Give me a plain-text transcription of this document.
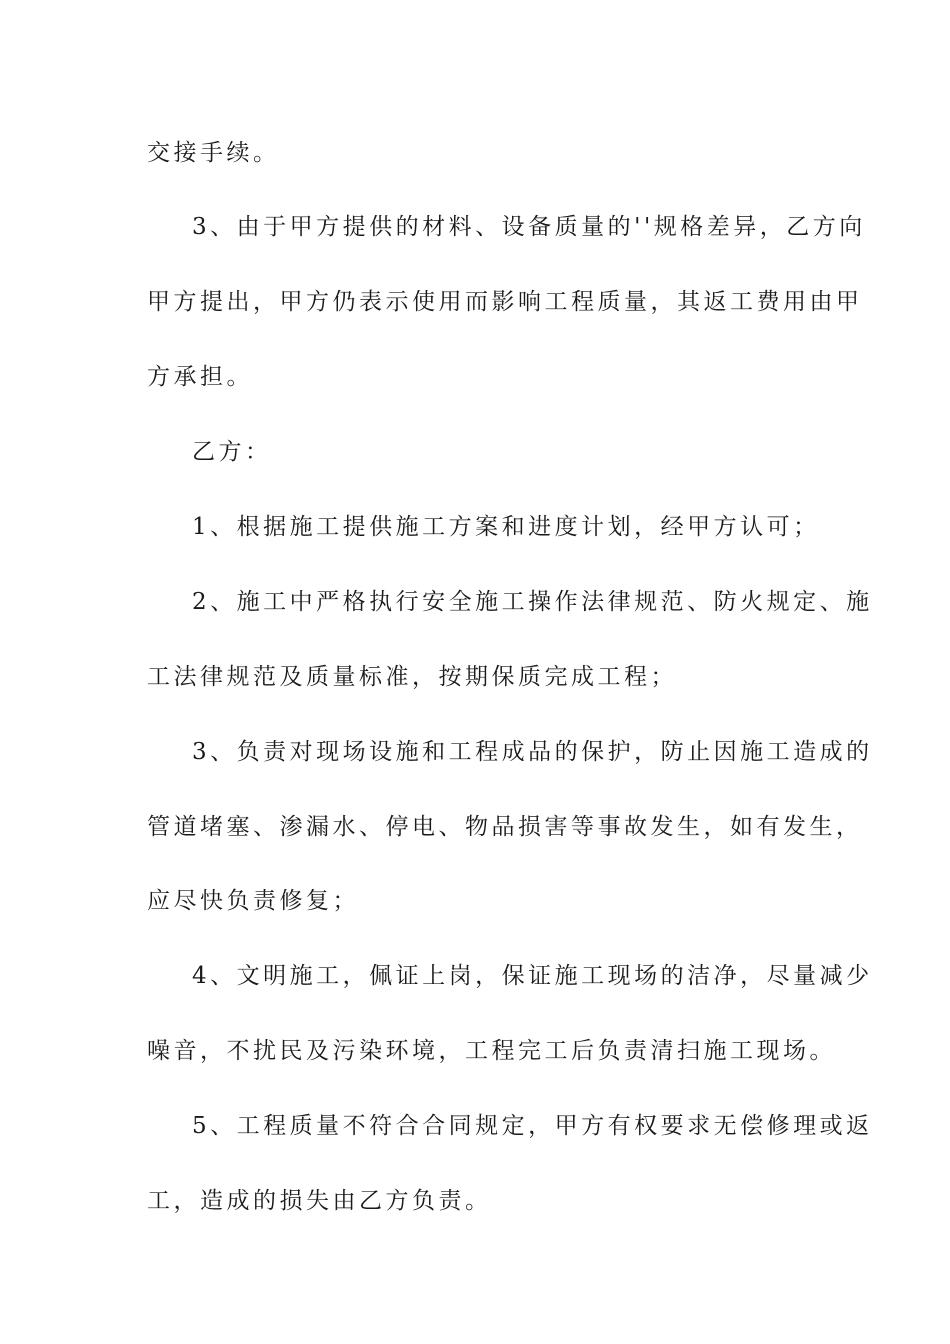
交接手续。
3、由于甲方提供的材料、设备质量的''规格差异，乙方向
甲方提出，甲方仍表示使用而影响工程质量，其返工费用由甲
方承担。
乙方：
1、根据施工提供施工方案和进度计划，经甲方认可；
2、施工中严格执行安全施工操作法律规范、防火规定、施
工法律规范及质量标准，按期保质完成工程；
3、负责对现场设施和工程成品的保护，防止因施工造成的
管道堵塞、渗漏水、停电、物品损害等事故发生，如有发生，
应尽快负责修复；
4、文明施工，佩证上岗，保证施工现场的洁净，尽量减少
噪音，不扰民及污染环境，工程完工后负责清扫施工现场。
5、工程质量不符合合同规定，甲方有权要求无偿修理或返
工，造成的损失由乙方负责。
